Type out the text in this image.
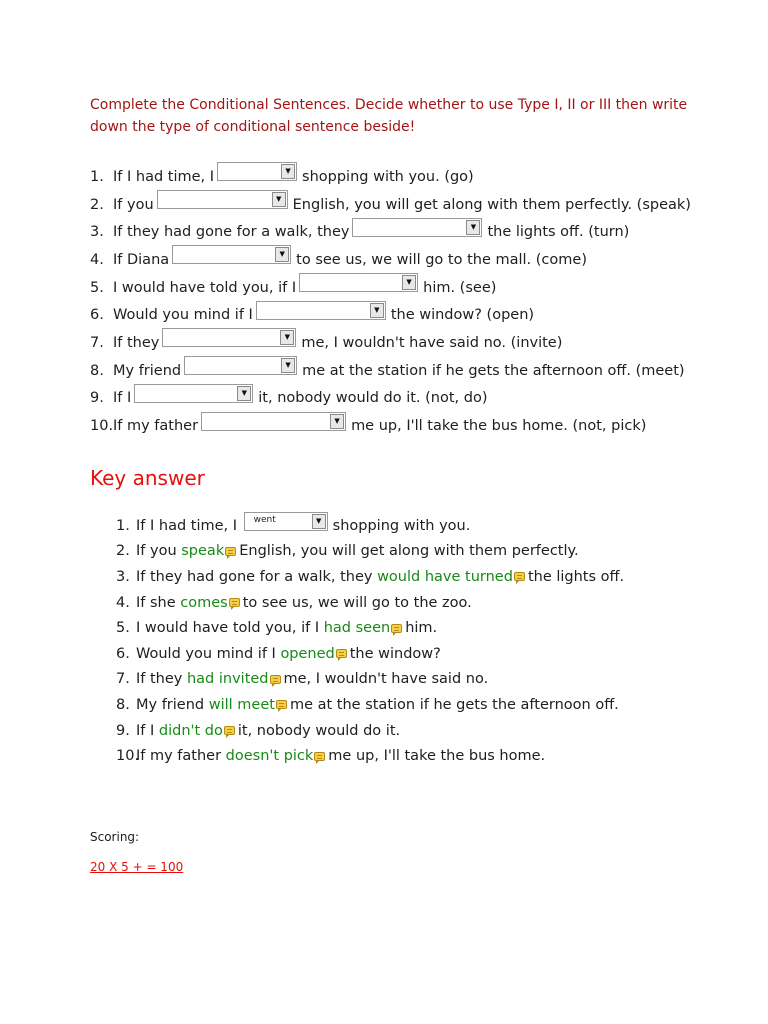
Complete the Conditional Sentences. Decide whether to use Type I, II or III then write down the type of conditional sentence beside!
1. If I had time, I	▼ shopping with you. (go)
2. If you	▼ English, you will get along with them perfectly. (speak)
3. If they had gone for a walk, they	▼ the lights off. (turn)
4. If Diana	▼ to see us, we will go to the mall. (come)
5. I would have told you, if I	▼ him. (see)
6. Would you mind if I	▼ the window? (open)
7. If they	▼ me, I wouldn't have said no. (invite)
8. My friend	▼ me at the station if he gets the afternoon off. (meet)
9. If I	▼ it, nobody would do it. (not, do)
10. If my father	▼ me up, I'll take the bus home. (not, pick)
Key answer
1. If I had time, I
went	▼ shopping with you.
2. If you
speak English, you will get along with them perfectly.
3. If they had gone for a walk, they
would have turned the lights off.
4. If she
comes to see us, we will go to the zoo.
5. I would have told you, if I
had seen him.
6. Would you mind if I
opened the window?
7. If they
had invited me, I wouldn't have said no.
8. My friend
will meet me at the station if he gets the afternoon off.
9. If I
didn't do it, nobody would do it.
10.
If my father
doesn't pick me up, I'll take the bus home.
Scoring:
20 X 5 + = 100
